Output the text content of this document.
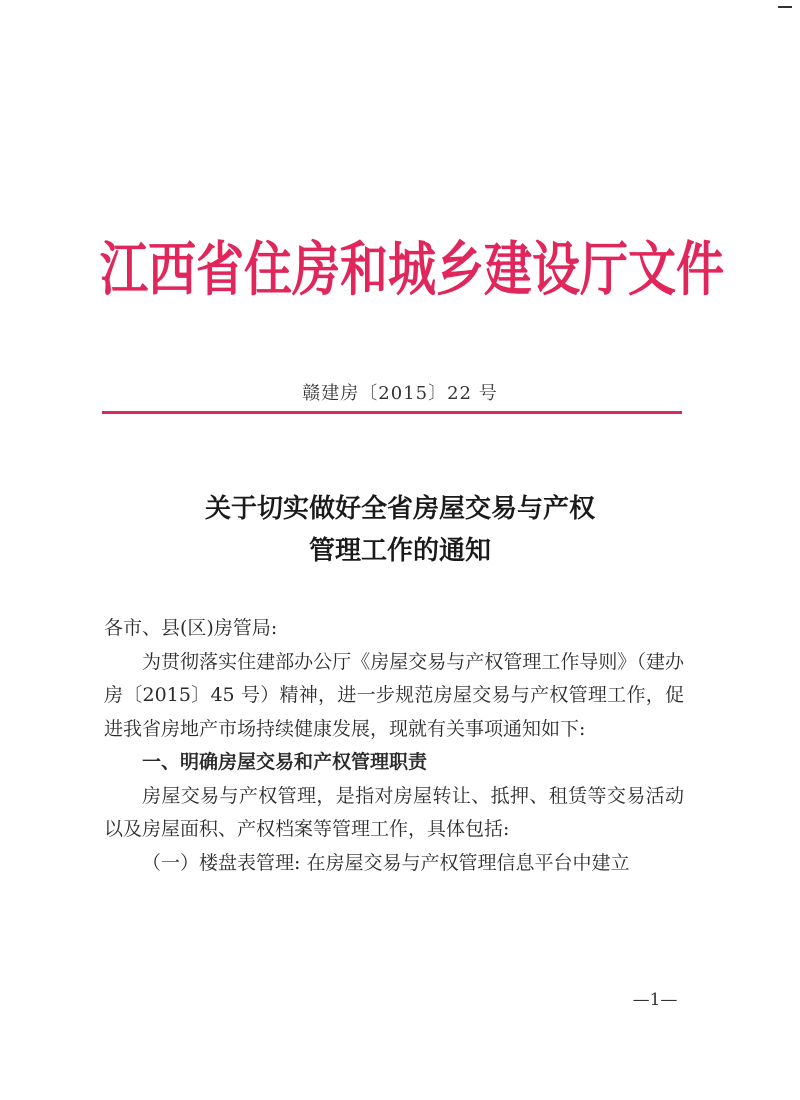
江西省住房和城乡建设厅文件
赣建房〔2015〕22 号
关于切实做好全省房屋交易与产权
管理工作的通知

各市、县(区)房管局:

为贯彻落实住建部办公厅《房屋交易与产权管理工作导则》（建办房〔2015〕45 号）精神，进一步规范房屋交易与产权管理工作，促进我省房地产市场持续健康发展，现就有关事项通知如下:

一、明确房屋交易和产权管理职责

房屋交易与产权管理，是指对房屋转让、抵押、租赁等交易活动以及房屋面积、产权档案等管理工作，具体包括:

（一）楼盘表管理: 在房屋交易与产权管理信息平台中建立

—1—
